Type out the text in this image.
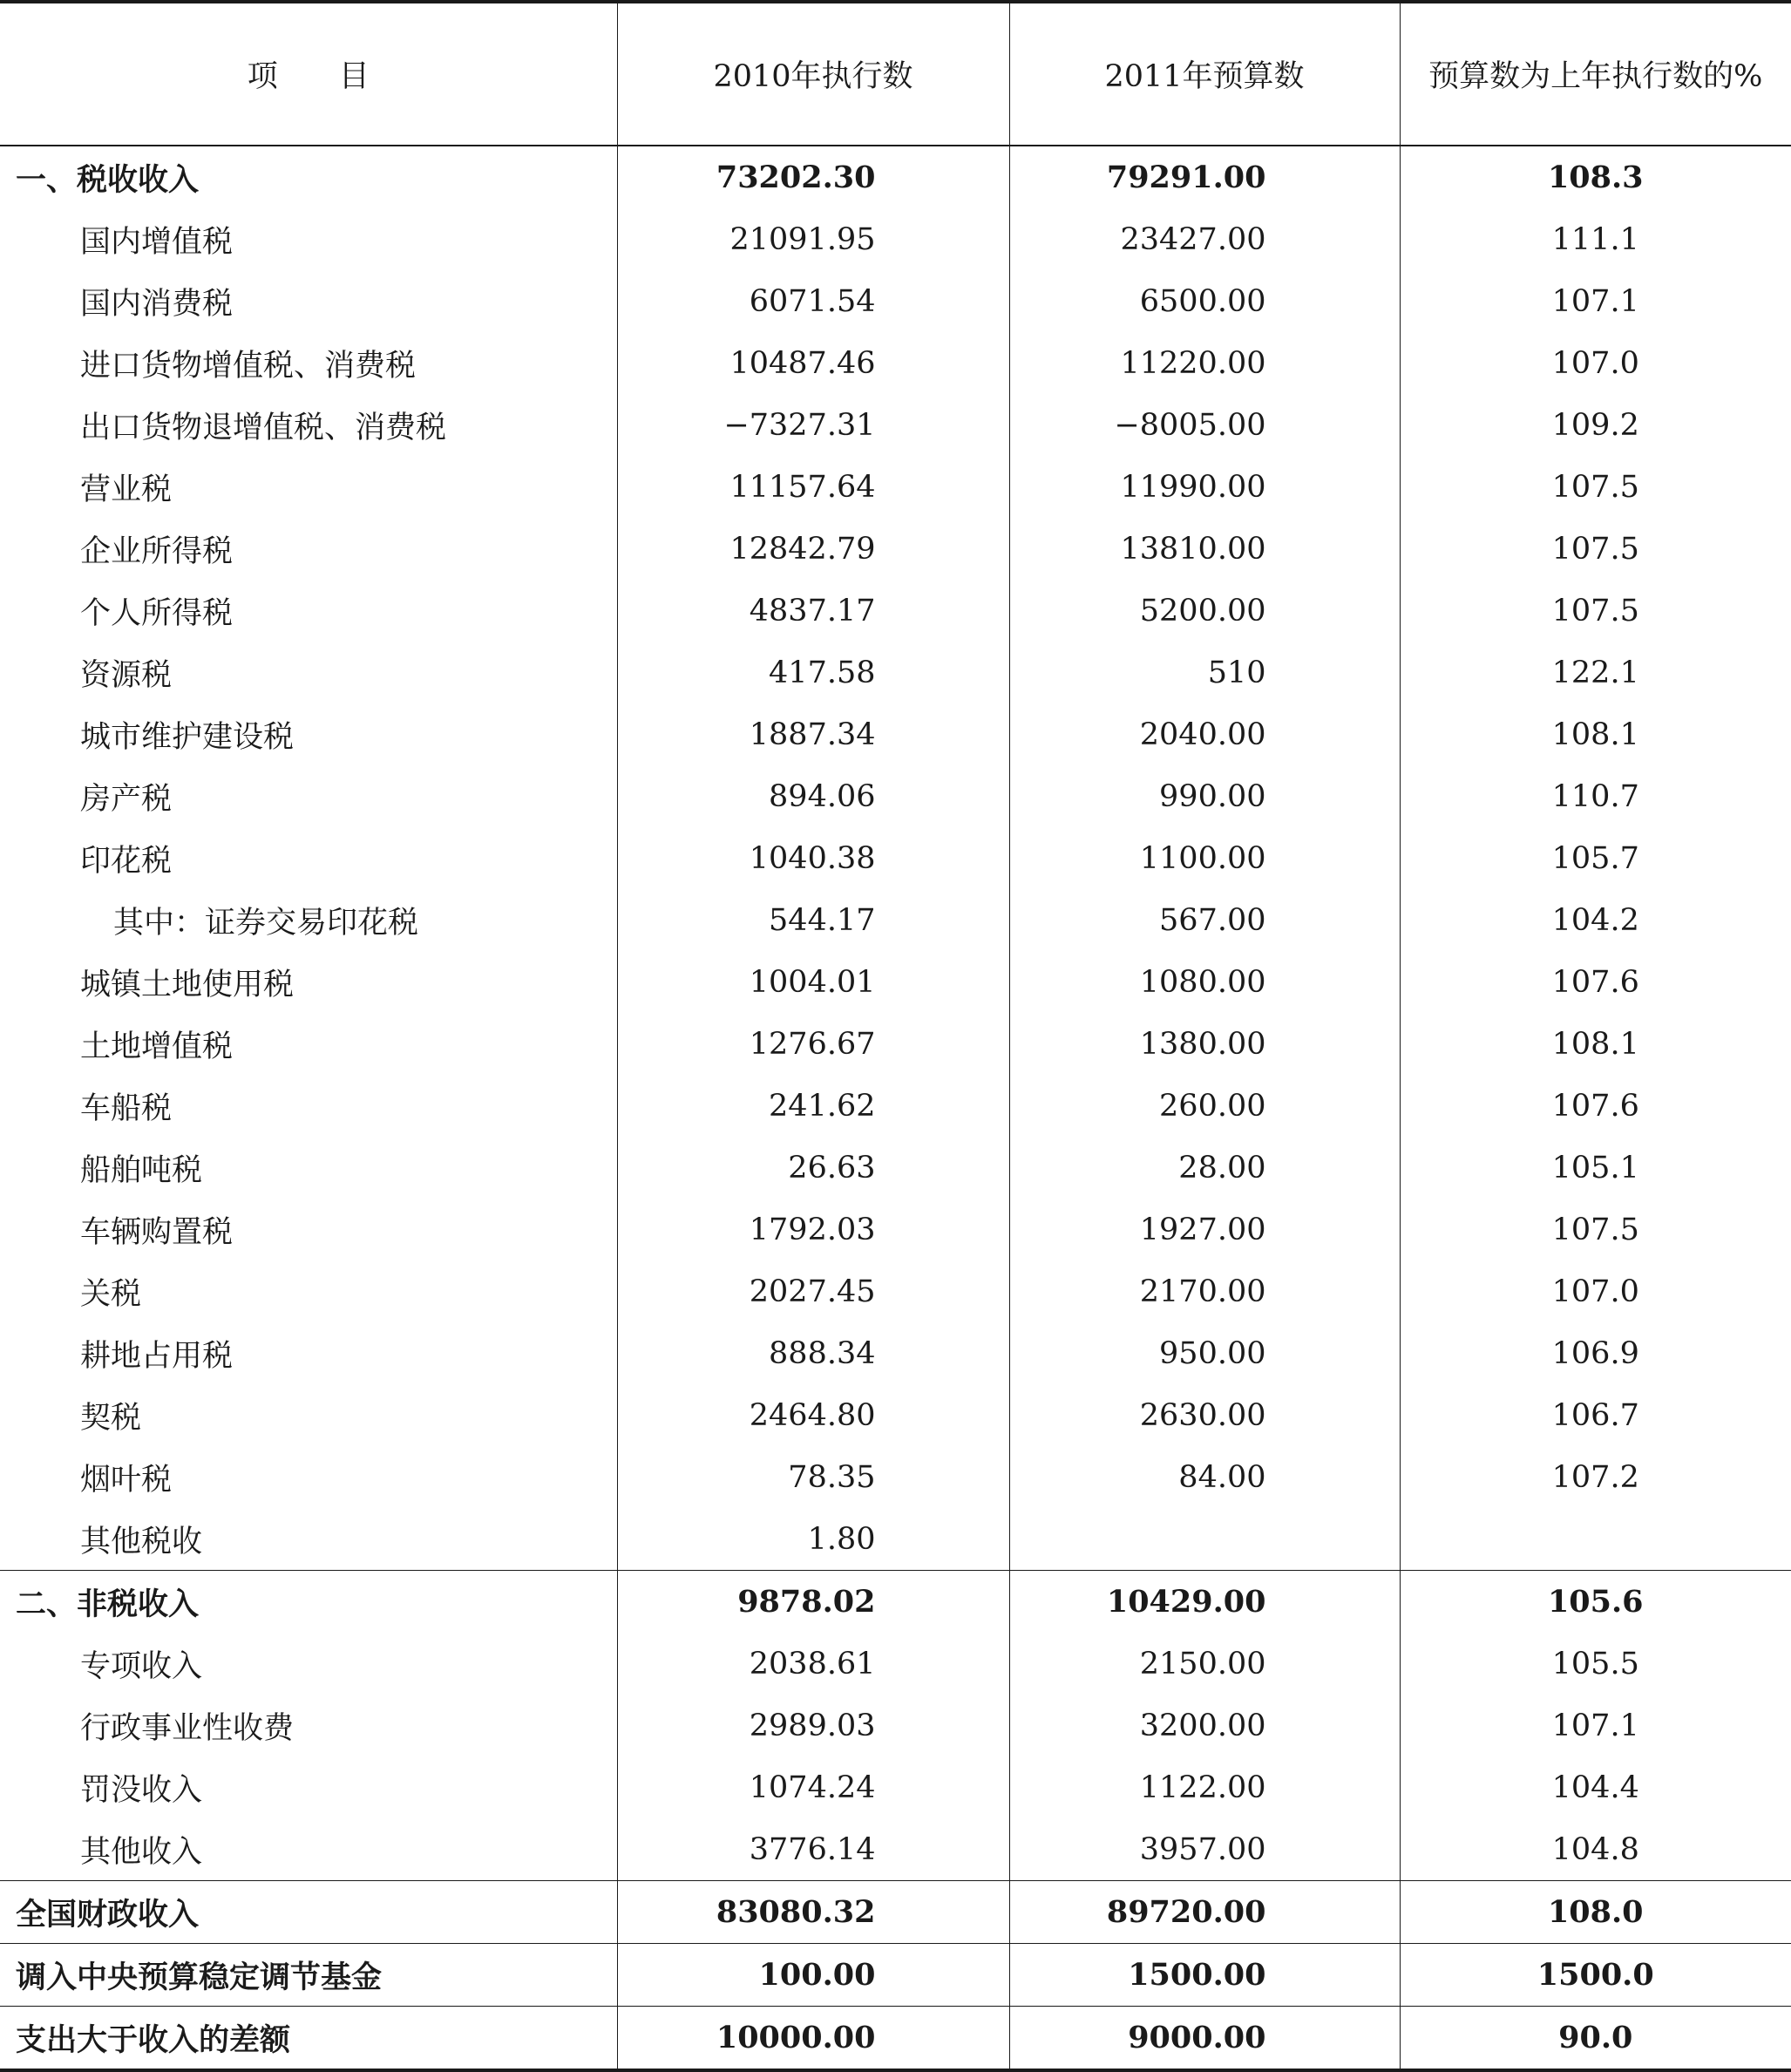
项　　目	2010年执行数	2011年预算数	预算数为上年执行数的%
一、税收收入	73202.30	79291.00	108.3
国内增值税	21091.95	23427.00	111.1
国内消费税	6071.54	6500.00	107.1
进口货物增值税、消费税	10487.46	11220.00	107.0
出口货物退增值税、消费税	−7327.31	−8005.00	109.2
营业税	11157.64	11990.00	107.5
企业所得税	12842.79	13810.00	107.5
个人所得税	4837.17	5200.00	107.5
资源税	417.58	510	122.1
城市维护建设税	1887.34	2040.00	108.1
房产税	894.06	990.00	110.7
印花税	1040.38	1100.00	105.7
其中：证券交易印花税	544.17	567.00	104.2
城镇土地使用税	1004.01	1080.00	107.6
土地增值税	1276.67	1380.00	108.1
车船税	241.62	260.00	107.6
船舶吨税	26.63	28.00	105.1
车辆购置税	1792.03	1927.00	107.5
关税	2027.45	2170.00	107.0
耕地占用税	888.34	950.00	106.9
契税	2464.80	2630.00	106.7
烟叶税	78.35	84.00	107.2
其他税收	1.80		
二、非税收入	9878.02	10429.00	105.6
专项收入	2038.61	2150.00	105.5
行政事业性收费	2989.03	3200.00	107.1
罚没收入	1074.24	1122.00	104.4
其他收入	3776.14	3957.00	104.8
全国财政收入	83080.32	89720.00	108.0
调入中央预算稳定调节基金	100.00	1500.00	1500.0
支出大于收入的差额	10000.00	9000.00	90.0
